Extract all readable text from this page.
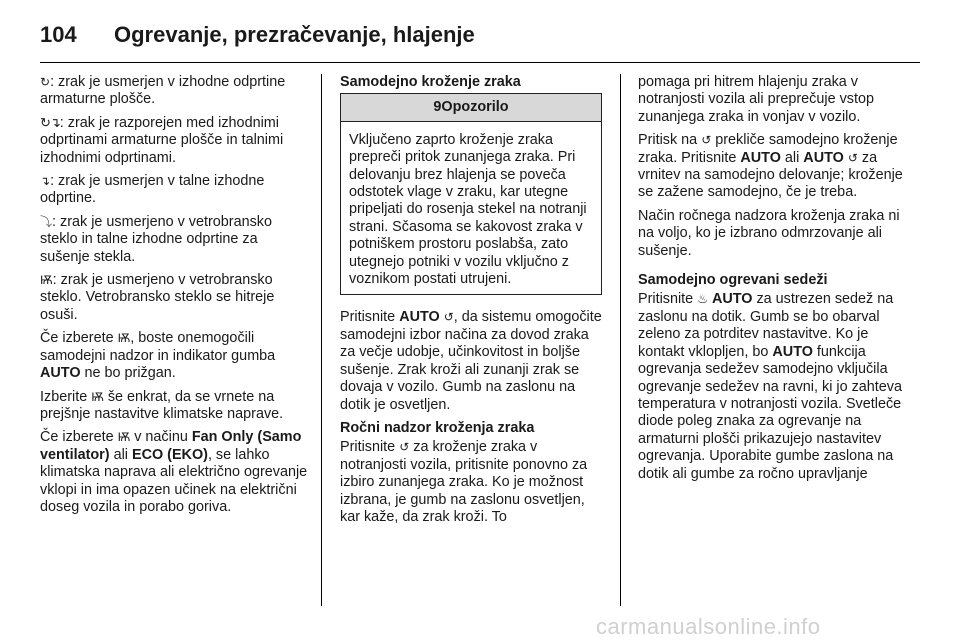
104 Ogrevanje, prezračevanje, hlajenje

↻: zrak je usmerjen v izhodne odprtine armaturne plošče.

↻↴: zrak je razporejen med izhodnimi odprtinami armaturne plošče in talnimi izhodnimi odprtinami.

↴: zrak je usmerjen v talne izhodne odprtine.

⤵: zrak je usmerjeno v vetrobransko steklo in talne izhodne odprtine za sušenje stekla.

Ѭ: zrak je usmerjeno v vetrobransko steklo. Vetrobransko steklo se hitreje osuši.

Če izberete Ѭ, boste onemogočili samodejni nadzor in indikator gumba AUTO ne bo prižgan.

Izberite Ѭ še enkrat, da se vrnete na prejšnje nastavitve klimatske naprave.

Če izberete Ѭ v načinu Fan Only (Samo ventilator) ali ECO (EKO), se lahko klimatska naprava ali električno ogrevanje vklopi in ima opazen učinek na električni doseg vozila in porabo goriva.

Samodejno kroženje zraka

9Opozorilo
Vključeno zaprto kroženje zraka prepreči pritok zunanjega zraka. Pri delovanju brez hlajenja se poveča odstotek vlage v zraku, kar utegne pripeljati do rosenja stekel na notranji strani. Sčasoma se kakovost zraka v potniškem prostoru poslabša, zato utegnejo potniki v vozilu vključno z voznikom postati utrujeni.

Pritisnite AUTO ↺, da sistemu omogočite samodejni izbor načina za dovod zraka za večje udobje, učinkovitost in boljše sušenje. Zrak kroži ali zunanji zrak se dovaja v vozilo. Gumb na zaslonu na dotik je osvetljen.

Ročni nadzor kroženja zraka

Pritisnite ↺ za kroženje zraka v notranjosti vozila, pritisnite ponovno za izbiro zunanjega zraka. Ko je možnost izbrana, je gumb na zaslonu osvetljen, kar kaže, da zrak kroži. To

pomaga pri hitrem hlajenju zraka v notranjosti vozila ali preprečuje vstop zunanjega zraka in vonjav v vozilo.

Pritisk na ↺ prekliče samodejno kroženje zraka. Pritisnite AUTO ali AUTO ↺ za vrnitev na samodejno delovanje; kroženje se zažene samodejno, če je treba.

Način ročnega nadzora kroženja zraka ni na voljo, ko je izbrano odmrzovanje ali sušenje.

Samodejno ogrevani sedeži

Pritisnite ♨ AUTO za ustrezen sedež na zaslonu na dotik. Gumb se bo obarval zeleno za potrditev nastavitve. Ko je kontakt vklopljen, bo AUTO funkcija ogrevanja sedežev samodejno vključila ogrevanje sedežev na ravni, ki jo zahteva temperatura v notranjosti vozila. Svetleče diode poleg znaka za ogrevanje na armaturni plošči prikazujejo nastavitev ogrevanja. Uporabite gumbe zaslona na dotik ali gumbe za ročno upravljanje

carmanualsonline.info
